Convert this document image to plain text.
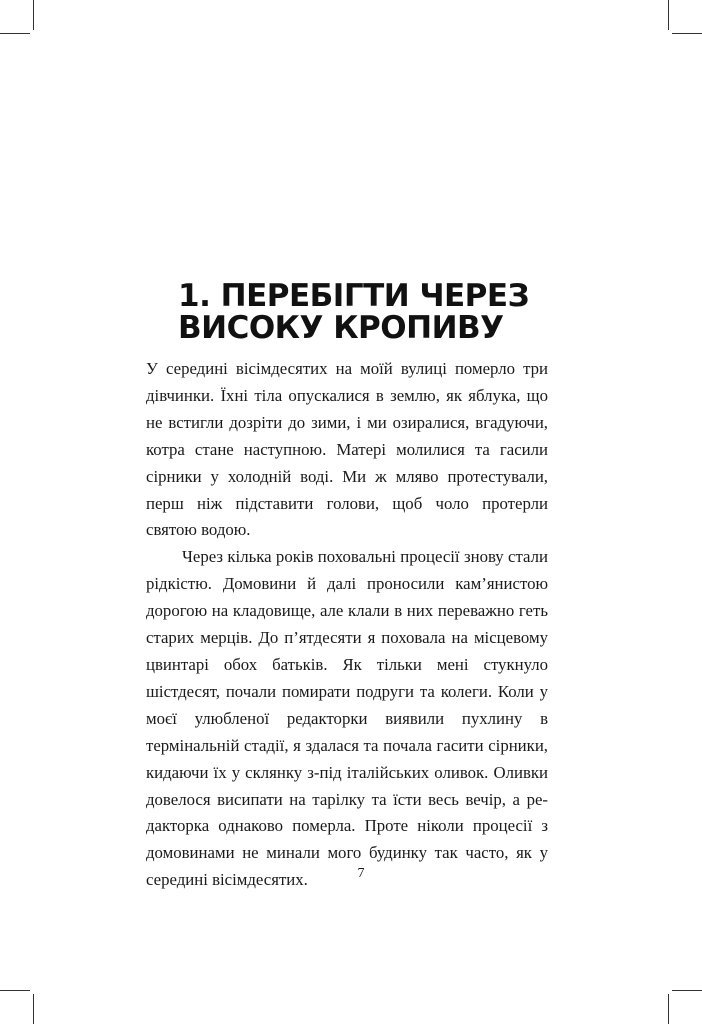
1. ПЕРЕБІГТИ ЧЕРЕЗ
ВИСОКУ КРОПИВУ

У середині вісімдесятих на моїй вулиці померло три дівчинки. Їхні тіла опускалися в землю, як яблука, що не встигли дозріти до зими, і ми озиралися, вгадуючи, котра стане наступною. Матері молилися та гасили сірники у холодній воді. Ми ж мляво протестували, перш ніж підставити голови, щоб чоло протерли святою водою.

Через кілька років поховальні процесії знову стали рідкістю. Домовини й далі проносили кам’янистою дорогою на кладовище, але клали в них переважно геть старих мерців. До п’ятдесяти я поховала на місцевому цвинтарі обох батьків. Як тільки мені стукнуло шістдесят, почали помирати подруги та колеги. Коли у моєї улюбленої редакторки виявили пухлину в термінальній стадії, я здалася та почала гасити сірники, кидаючи їх у склянку з-під італійських оливок. Оливки довелося висипати на тарілку та їсти весь вечір, а редакторка однаково померла. Проте ніколи процесії з домовинами не минали мого будинку так часто, як у середині вісімдесятих.	7
